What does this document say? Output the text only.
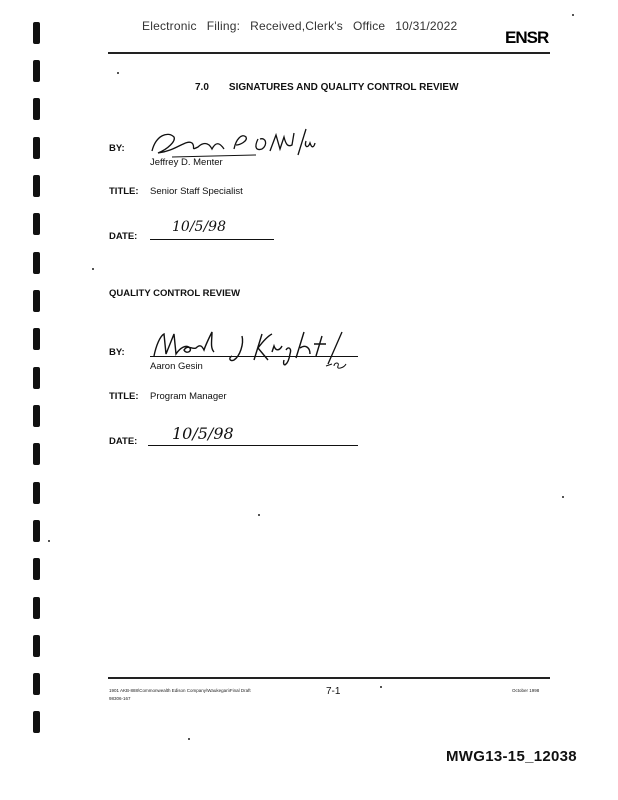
Electronic Filing: Received,Clerk's Office 10/31/2022
ENSR
7.0 SIGNATURES AND QUALITY CONTROL REVIEW
BY:
Jeffrey D. Menter
TITLE: Senior Staff Specialist
DATE:
10/5/98
QUALITY CONTROL REVIEW
BY:
Aaron Gesin
TITLE: Program Manager
DATE: 10/5/98
1901 AKB-888\Commonwealth Edison Company\Waukegan\Final Draft
98306-167
7-1	October 1998
MWG13-15_12038
